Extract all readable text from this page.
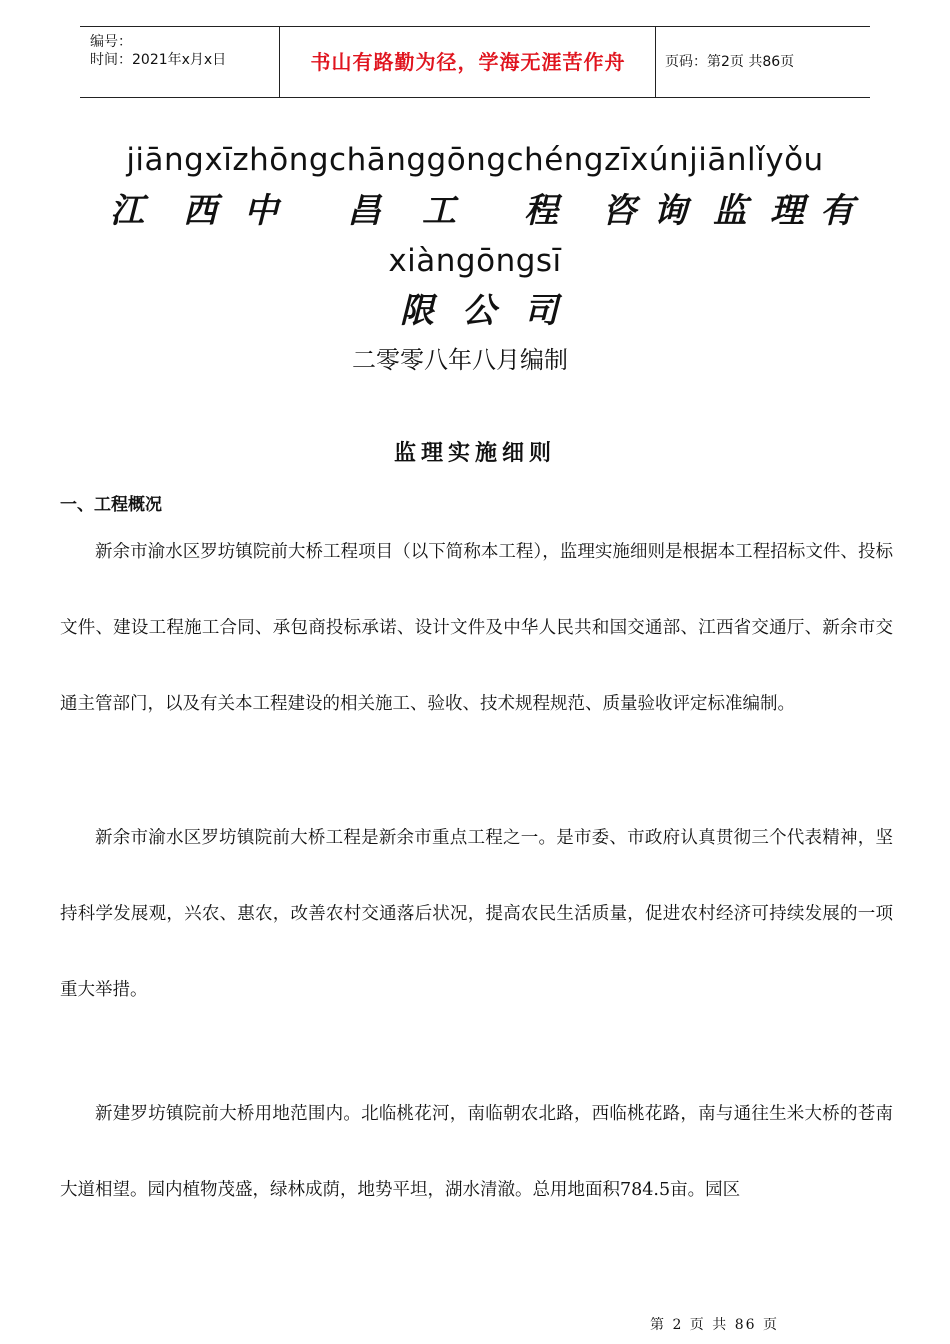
编号：
时间：2021年x月x日	书山有路勤为径，学海无涯苦作舟	页码：第2页 共86页
jiāngxīzhōngchānggōngchéngzīxúnjiānlǐyǒu
江 西 中 昌 工 程 咨 询 监 理 有
xiàngōngsī
限 公 司
二零零八年八月编制
监理实施细则
一、工程概况

新余市渝水区罗坊镇院前大桥工程项目（以下简称本工程），监理实施细则是根据本工程招标文件、投标文件、建设工程施工合同、承包商投标承诺、设计文件及中华人民共和国交通部、江西省交通厅、新余市交通主管部门，以及有关本工程建设的相关施工、验收、技术规程规范、质量验收评定标准编制。

新余市渝水区罗坊镇院前大桥工程是新余市重点工程之一。是市委、市政府认真贯彻三个代表精神，坚持科学发展观，兴农、惠农，改善农村交通落后状况，提高农民生活质量，促进农村经济可持续发展的一项重大举措。

新建罗坊镇院前大桥用地范围内。北临桃花河，南临朝农北路，西临桃花路，南与通往生米大桥的苍南大道相望。园内植物茂盛，绿林成荫，地势平坦，湖水清澈。总用地面积784.5亩。园区

第 2 页 共 86 页
